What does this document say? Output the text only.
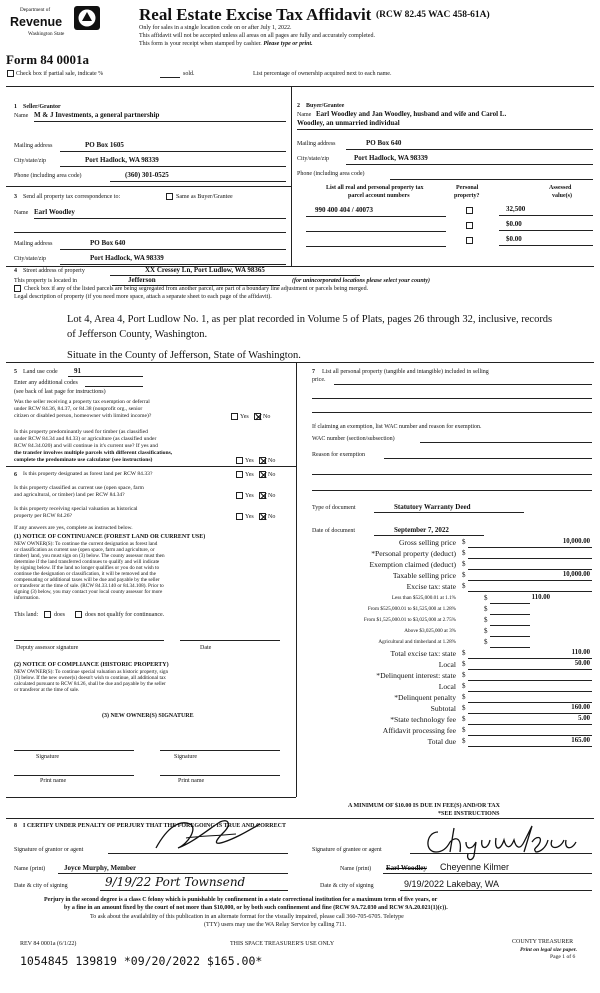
Department of
Revenue
Washington State
Real Estate Excise Tax Affidavit (RCW 82.45 WAC 458-61A)
Only for sales in a single location code on or after July 1, 2022.
This affidavit will not be accepted unless all areas on all pages are fully and accurately completed.
This form is your receipt when stamped by cashier. Please type or print.
Form 84 0001a
Check box if partial sale, indicate %	sold.	List percentage of ownership acquired next to each name.
1 Seller/Grantor
Name M & J Investments, a general partnership
Mailing address	PO Box 1605
City/state/zip	Port Hadlock, WA 98339
Phone (including area code)	(360) 301-0525
2 Buyer/Grantee
Name Earl Woodley and Jan Woodley, husband and wife and Carol L.
Woodley, an unmarried individual
Mailing address	PO Box 640
City/state/zip	Port Hadlock, WA 98339
Phone (including area code)
3 Send all property tax correspondence to:	Same as Buyer/Grantee
Name Earl Woodley
Mailing address	PO Box 640
City/state/zip	Port Hadlock, WA 98339
List all real and personal property tax
parcel account numbers
Personal
property?
Assessed
value(s)
990 400 404 / 40073	32,500
$0.00
$0.00
4 Street address of property	XX Cressey Ln, Port Ludlow, WA 98365
This property is located in	Jefferson	(for unincorporated locations please select your county)
Check box if any of the listed parcels are being segregated from another parcel, are part of a boundary line adjustment or parcels being merged.
Legal description of property (if you need more space, attach a separate sheet to each page of the affidavit).
Lot 4, Area 4, Port Ludlow No. 1, as per plat recorded in Volume 5 of Plats, pages 26 through 32, inclusive, records
of Jefferson County, Washington.
Situate in the County of Jefferson, State of Washington.
5 Land use code 91
Enter any additional codes
(see back of last page for instructions)
Was the seller receiving a property tax exemption or deferral
under RCW 84.36, 84.37, or 84.38 (nonprofit org., senior
citizen or disabled person, homeowner with limited income)?	Yes No
Is this property predominantly used for timber (as classified
under RCW 84.34 and 84.33) or agriculture (as classified under
RCW 84.34.020) and will continue in it's current use? If yes and
the transfer involves multiple parcels with different classifications,
complete the predominate use calculator (see instructions)	Yes No
6 Is this property designated as forest land per RCW 84.33?	Yes No
Is this property classified as current use (open space, farm
and agricultural, or timber) land per RCW 84.34?	Yes No
Is this property receiving special valuation as historical
property per RCW 84.26?	Yes No
If any answers are yes, complete as instructed below.
(1) NOTICE OF CONTINUANCE (FOREST LAND OR CURRENT USE)
NEW OWNER(S): To continue the current designation as forest land
or classification as current use (open space, farm and agriculture, or
timber) land, you must sign on (3) below. The county assessor must then
determine if the land transferred continues to qualify and will indicate
by signing below. If the land no longer qualifies or you do not wish to
continue the designation or classification, it will be removed and the
compensating or additional taxes will be due and payable by the seller
or transferor at the time of sale. (RCW 84.33.140 or 84.34.108). Prior to
signing (3) below, you may contact your local county assessor for more
information.
This land:	does	does not qualify for continuance.
Deputy assessor signature	Date
(2) NOTICE OF COMPLIANCE (HISTORIC PROPERTY)
NEW OWNER(S): To continue special valuation as historic property, sign
(3) below. If the new owner(s) doesn't wish to continue, all additional tax
calculated pursuant to RCW 84.26, shall be due and payable by the seller
or transferor at the time of sale.
(3) NEW OWNER(S) SIGNATURE
Signature	Signature
Print name	Print name
7 List all personal property (tangible and intangible) included in selling
price.
If claiming an exemption, list WAC number and reason for exemption.
WAC number (section/subsection)
Reason for exemption
Type of document	Statutory Warranty Deed
Date of document	September 7, 2022
Gross selling price $	10,000.00
*Personal property (deduct) $
Exemption claimed (deduct) $
Taxable selling price $	10,000.00
Excise tax: state $
Less than $525,000.01 at 1.1%	$	110.00
From $525,000.01 to $1,525,000 at 1.28%	$
From $1,525,000.01 to $3,025,000 at 2.75%	$
Above $3,025,000 at 3%	$
Agricultural and timberland at 1.28%	$
Total excise tax: state $	110.00
Local $	50.00
*Delinquent interest: state $
Local $
*Delinquent penalty $
Subtotal $	160.00
*State technology fee $	5.00
Affidavit processing fee $
Total due $	165.00
A MINIMUM OF $10.00 IS DUE IN FEE(S) AND/OR TAX
*SEE INSTRUCTIONS
8 I CERTIFY UNDER PENALTY OF PERJURY THAT THE FOREGOING IS TRUE AND CORRECT
Signature of grantor or agent	Signature of grantee or agent
Name (print)	Joyce Murphy, Member	Name (print) Earl Woodley Cheyenne Kilmer
Date & city of signing	9/19/22 Port Townsend	Date & city of signing	9/19/2022 Lakebay, WA
Perjury in the second degree is a class C felony which is punishable by confinement in a state correctional institution for a maximum term of five years, or
by a fine in an amount fixed by the court of not more than $10,000, or by both such confinement and fine (RCW 9A.72.030 and RCW 9A.20.021(1)(c)).
To ask about the availability of this publication in an alternate format for the visually impaired, please call 360-705-6705. Teletype
(TTY) users may use the WA Relay Service by calling 711.
REV 84 0001a (6/1/22)	THIS SPACE TREASURER'S USE ONLY	COUNTY TREASURER
Print on legal size paper.
Page 1 of 6
1054845 139819 *09/20/2022 $165.00*
